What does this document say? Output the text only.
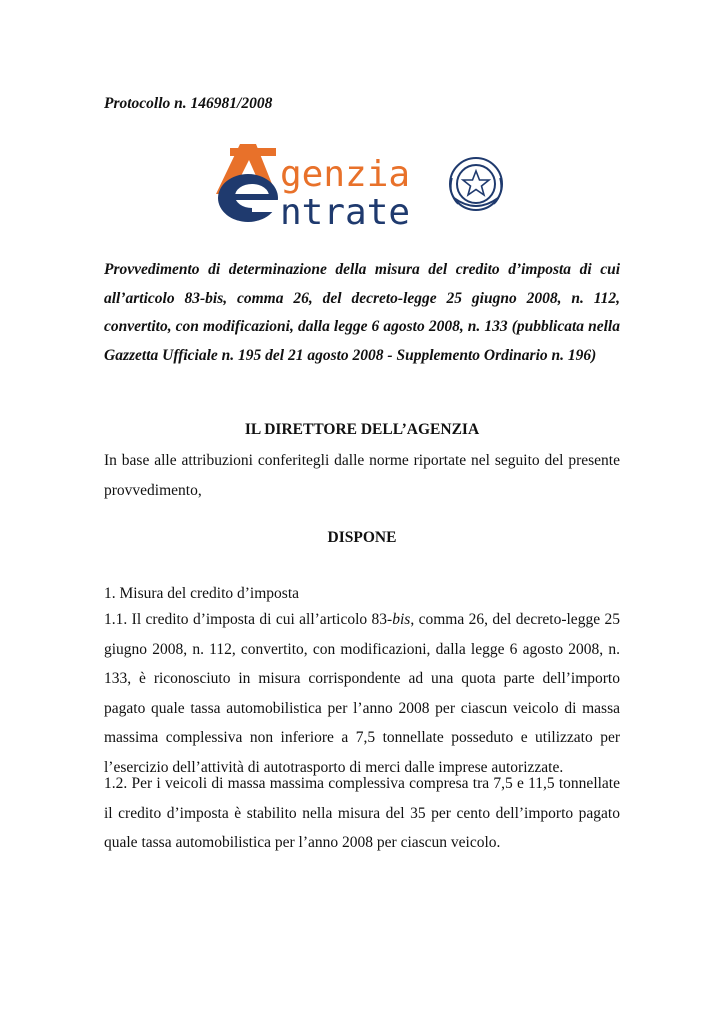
Protocollo n. 146981/2008

genzia
ntrate

Provvedimento di determinazione della misura del credito d’imposta di cui all’articolo 83-bis, comma 26, del decreto-legge 25 giugno 2008, n. 112, convertito, con modificazioni, dalla legge 6 agosto 2008, n. 133 (pubblicata nella Gazzetta Ufficiale n. 195 del 21 agosto 2008 - Supplemento Ordinario n. 196)

IL DIRETTORE DELL’AGENZIA

In base alle attribuzioni conferitegli dalle norme riportate nel seguito del presente provvedimento,

DISPONE

1. Misura del credito d’imposta

1.1. Il credito d’imposta di cui all’articolo 83-bis, comma 26, del decreto-legge 25 giugno 2008, n. 112, convertito, con modificazioni, dalla legge 6 agosto 2008, n. 133, è riconosciuto in misura corrispondente ad una quota parte dell’importo pagato quale tassa automobilistica per l’anno 2008 per ciascun veicolo di massa massima complessiva non inferiore a 7,5 tonnellate posseduto e utilizzato per l’esercizio dell’attività di autotrasporto di merci dalle imprese autorizzate.

1.2. Per i veicoli di massa massima complessiva compresa tra 7,5 e 11,5 tonnellate il credito d’imposta è stabilito nella misura del 35 per cento dell’importo pagato quale tassa automobilistica per l’anno 2008 per ciascun veicolo.
